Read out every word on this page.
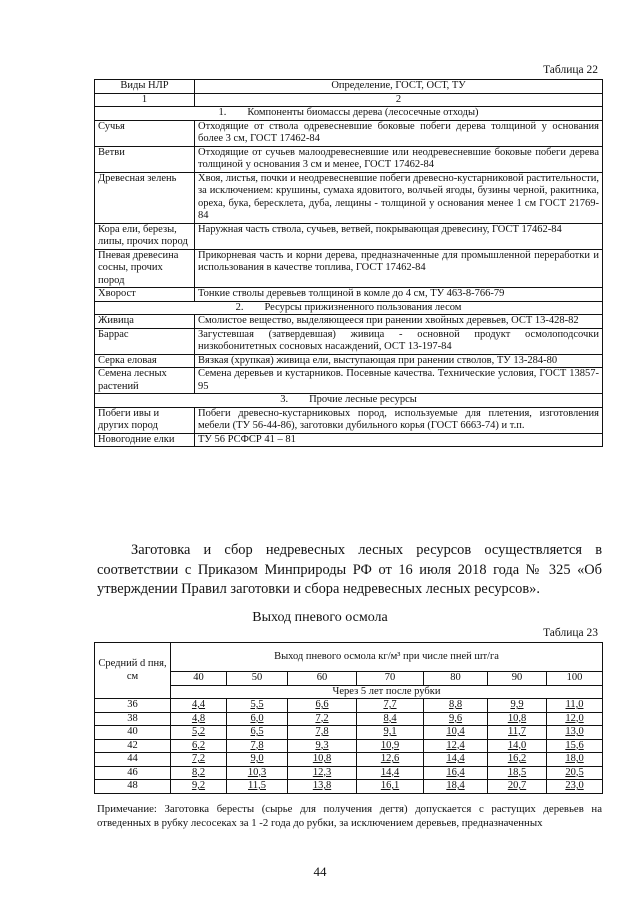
Таблица 22
Виды НЛР	Определение, ГОСТ, ОСТ, ТУ
1	2
1.        Компоненты биомассы дерева (лесосечные отходы)	
Сучья	Отходящие от ствола одревесневшие боковые побеги дерева толщиной у основания более 3 см, ГОСТ 17462-84
Ветви	Отходящие от сучьев малоодревесневшие или неодревесневшие боковые побеги дерева толщиной у основания 3 см и менее, ГОСТ 17462-84
Древесная зелень	Хвоя, листья, почки и неодревесневшие побеги древесно-кустарниковой растительности, за исключением: крушины, сумаха ядовитого, волчьей ягоды, бузины черной, ракитника, ореха, бука, бересклета, дуба, лещины - толщиной у основания менее 1 см ГОСТ 21769-84
Кора ели, березы, липы, прочих пород	Наружная часть ствола, сучьев, ветвей, покрывающая древесину, ГОСТ 17462-84
Пневая древесина сосны, прочих пород	Прикорневая часть и корни дерева, предназначенные для промышленной переработки и использования в качестве топлива, ГОСТ 17462-84
Хворост	Тонкие стволы деревьев толщиной в комле до 4 см, ТУ 463-8-766-79
2.        Ресурсы прижизненного пользования лесом	
Живица	Смолистое вещество, выделяющееся при ранении хвойных деревьев, ОСТ 13-428-82
Баррас	Загустевшая (затвердевшая) живица - основной продукт осмолоподсочки низкобонитетных сосновых насаждений, ОСТ 13-197-84
Серка еловая	Вязкая (хрупкая) живица ели, выступающая при ранении стволов, ТУ 13-284-80
Семена лесных растений	Семена деревьев и кустарников. Посевные качества. Технические условия, ГОСТ 13857-95
3.        Прочие лесные ресурсы	
Побеги ивы и других пород	Побеги древесно-кустарниковых пород, используемые для плетения, изготовления мебели (ТУ 56-44-86), заготовки дубильного корья (ГОСТ 6663-74) и т.п.
Новогодние елки	ТУ 56 РСФСР 41 – 81
Заготовка и сбор недревесных лесных ресурсов осуществляется в соответствии с Приказом Минприроды РФ от 16 июля 2018 года № 325 «Об утверждении Правил заготовки и сбора недревесных лесных ресурсов».
Выход пневого осмола
Таблица 23
Средний d пня, см	Выход пневого осмола кг/м³ при числе пней шт/га						
	40	50	60	70	80	90	100
	Через 5 лет после рубки						
36	4,4	5,5	6,6	7,7	8,8	9,9	11,0
38	4,8	6,0	7,2	8,4	9,6	10,8	12,0
40	5,2	6,5	7,8	9,1	10,4	11,7	13,0
42	6,2	7,8	9,3	10,9	12,4	14,0	15,6
44	7,2	9,0	10,8	12,6	14,4	16,2	18,0
46	8,2	10,3	12,3	14,4	16,4	18,5	20,5
48	9,2	11,5	13,8	16,1	18,4	20,7	23,0
Примечание: Заготовка бересты (сырье для получения дегтя) допускается с растущих деревьев на отведенных в рубку лесосеках за 1 -2 года до рубки, за исключением деревьев, предназначенных
44
